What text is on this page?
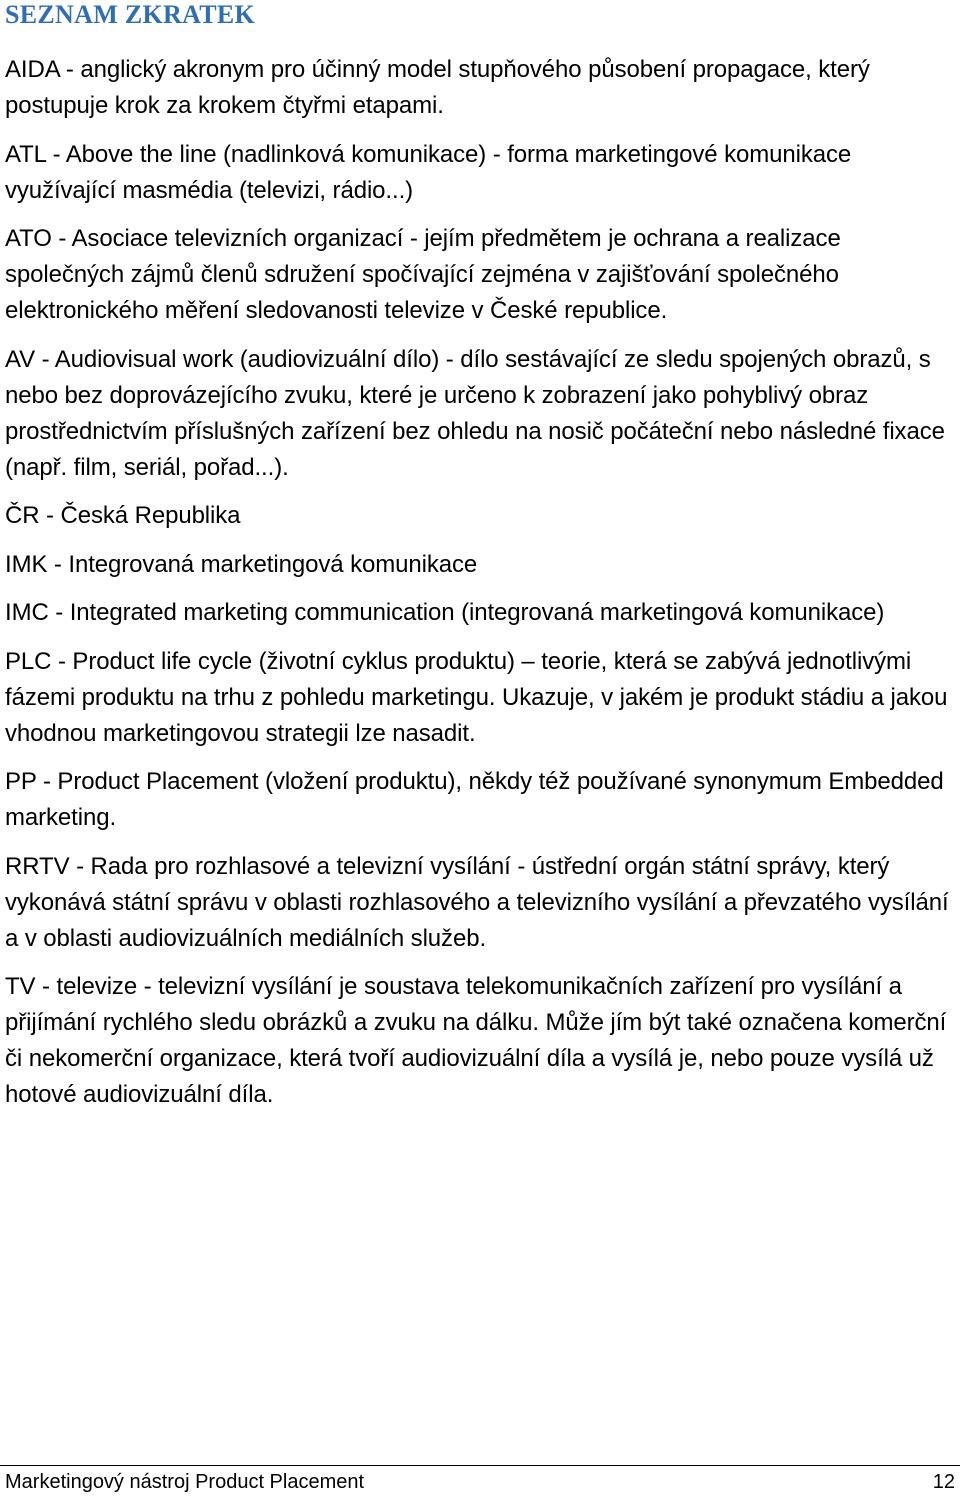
SEZNAM ZKRATEK
AIDA - anglický akronym pro účinný model stupňového působení propagace, který postupuje krok za krokem čtyřmi etapami.
ATL - Above the line (nadlinková komunikace) - forma marketingové komunikace využívající masmédia (televizi, rádio...)
ATO - Asociace televizních organizací - jejím předmětem je ochrana a realizace společných zájmů členů sdružení spočívající zejména v zajišťování společného elektronického měření sledovanosti televize v České republice.
AV - Audiovisual work (audiovizuální dílo) - dílo sestávající ze sledu spojených obrazů, s nebo bez doprovázejícího zvuku, které je určeno k zobrazení jako pohyblivý obraz prostřednictvím příslušných zařízení bez ohledu na nosič počáteční nebo následné fixace (např. film, seriál, pořad...).
ČR - Česká Republika
IMK - Integrovaná marketingová komunikace
IMC - Integrated marketing communication (integrovaná marketingová komunikace)
PLC - Product life cycle (životní cyklus produktu) – teorie, která se zabývá jednotlivými fázemi produktu na trhu z pohledu marketingu. Ukazuje, v jakém je produkt stádiu a jakou vhodnou marketingovou strategii lze nasadit.
PP - Product Placement (vložení produktu), někdy též používané synonymum Embedded marketing.
RRTV - Rada pro rozhlasové a televizní vysílání - ústřední orgán státní správy, který vykonává státní správu v oblasti rozhlasového a televizního vysílání a převzatého vysílání a v oblasti audiovizuálních mediálních služeb.
TV - televize - televizní vysílání je soustava telekomunikačních zařízení pro vysílání a přijímání rychlého sledu obrázků a zvuku na dálku. Může jím být také označena komerční či nekomerční organizace, která tvoří audiovizuální díla a vysílá je, nebo pouze vysílá už hotové audiovizuální díla.
Marketingový nástroj Product Placement	12
